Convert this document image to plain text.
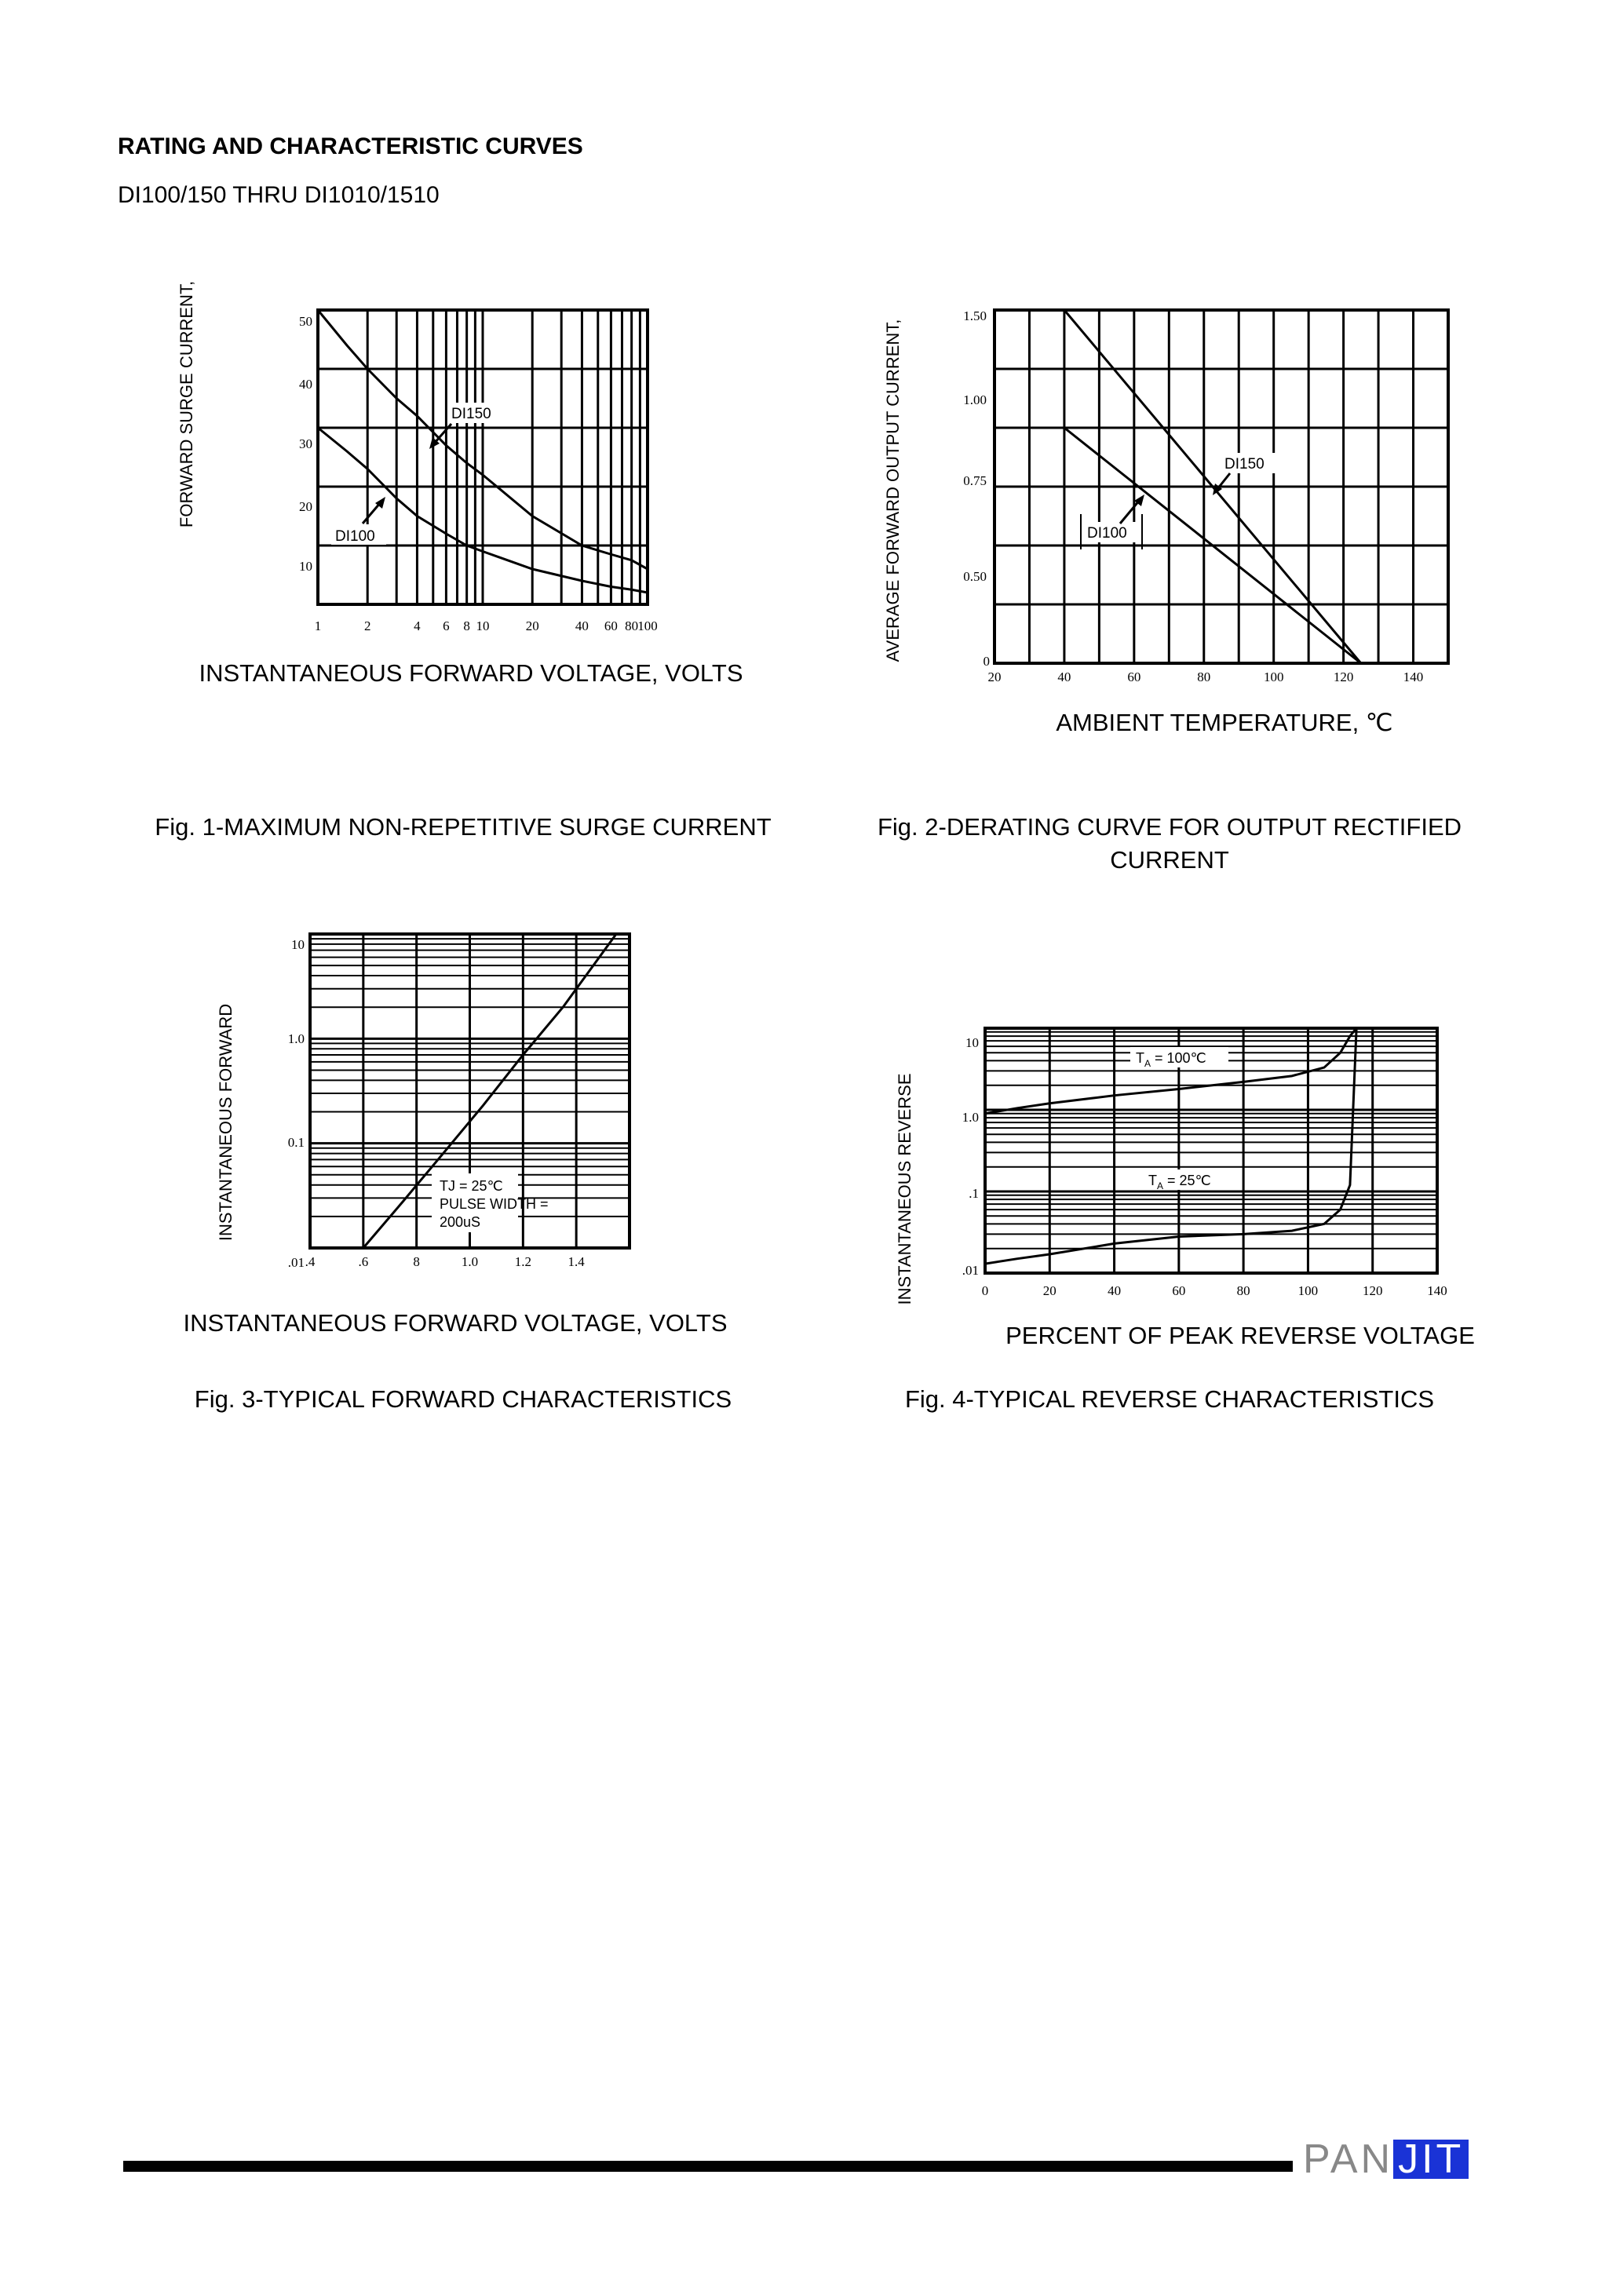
RATING AND CHARACTERISTIC CURVES
DI100/150 THRU DI1010/1510
FORWARD SURGE CURRENT,	50
40
30
20
10
1	2	4 6 8 10	20	40 60 80 100
DI150
DI100
INSTANTANEOUS FORWARD VOLTAGE, VOLTS
Fig. 1-MAXIMUM NON-REPETITIVE SURGE CURRENT
AVERAGE FORWARD OUTPUT CURRENT,
1.50
1.00
0.75
0.50
0
20	40	60	80	100	120	140
DI150
DI100
AMBIENT TEMPERATURE, ℃
Fig. 2-DERATING CURVE FOR OUTPUT RECTIFIED CURRENT
INSTANTANEOUS FORWARD
10
1.0
0.1
.01 .4	.6	8	1.0	1.2	1.4
TJ = 25℃
PULSE WIDTH =
200uS
INSTANTANEOUS FORWARD VOLTAGE, VOLTS
Fig. 3-TYPICAL FORWARD CHARACTERISTICS
INSTANTANEOUS REVERSE
10
1.0
.1
.01
0	20	40	60	80	100	120	140
$T_A$ = 100℃
$T_A$ = 25℃
PERCENT OF PEAK REVERSE VOLTAGE
Fig. 4-TYPICAL REVERSE CHARACTERISTICS
PAN JIT
